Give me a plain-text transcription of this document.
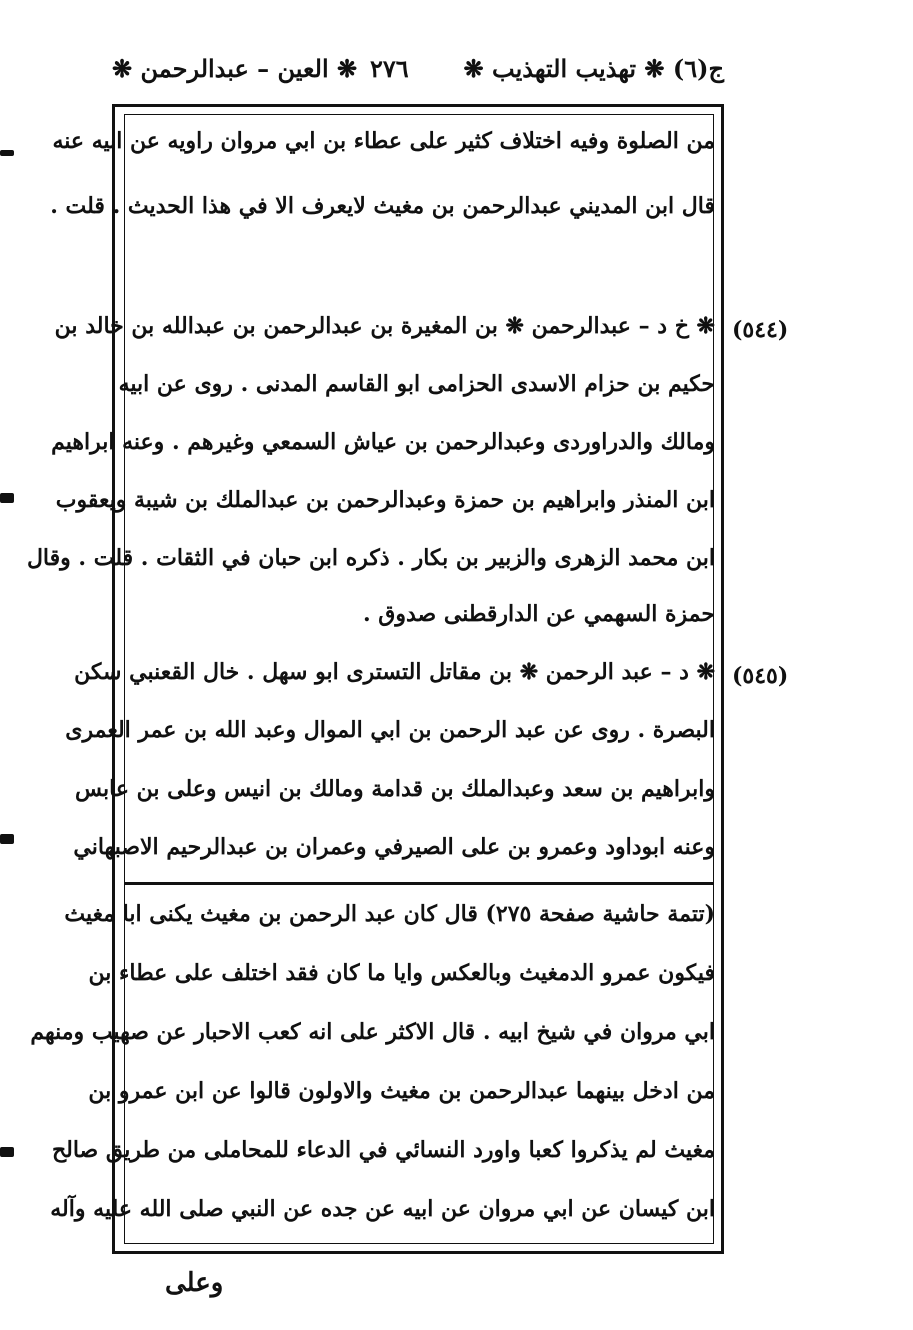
ج(٦) ❋ تهذيب التهذيب ❋
٢٧٦
❋ العين – عبدالرحمن ❋
من الصلوة وفيه اختلاف كثير على عطاء بن ابي مروان راويه عن ابيه عنه
قال ابن المديني عبدالرحمن بن مغيث لايعرف الا في هذا الحديث . قلت .
❋ خ د – عبدالرحمن ❋ بن المغيرة بن عبدالرحمن بن عبدالله بن خالد بن
حكيم بن حزام الاسدى الحزامى ابو القاسم المدنى . روى عن ابيه
ومالك والدراوردى وعبدالرحمن بن عياش السمعي وغيرهم . وعنه ابراهيم
ابن المنذر وابراهيم بن حمزة وعبدالرحمن بن عبدالملك بن شيبة ويعقوب
ابن محمد الزهرى والزبير بن بكار . ذكره ابن حبان في الثقات . قلت . وقال
حمزة السهمي عن الدارقطنى صدوق .
❋ د – عبد الرحمن ❋ بن مقاتل التسترى ابو سهل . خال القعنبي سكن
البصرة . روى عن عبد الرحمن بن ابي الموال وعبد الله بن عمر العمرى
وابراهيم بن سعد وعبدالملك بن قدامة ومالك بن انيس وعلى بن عابس
وعنه ابوداود وعمرو بن على الصيرفي وعمران بن عبدالرحيم الاصبهاني
(٥٤٤)
(٥٤٥)
(تتمة حاشية صفحة ٢٧٥) قال كان عبد الرحمن بن مغيث يكنى ابا مغيث
فيكون عمرو الدمغيث وبالعكس وايا ما كان فقد اختلف على عطاء بن
ابي مروان في شيخ ابيه . قال الاكثر على انه كعب الاحبار عن صهيب ومنهم
من ادخل بينهما عبدالرحمن بن مغيث والاولون قالوا عن ابن عمرو بن
مغيث لم يذكروا كعبا واورد النسائي في الدعاء للمحاملى من طريق صالح
ابن كيسان عن ابي مروان عن ابيه عن جده عن النبي صلى الله عليه وآله
وعلى
